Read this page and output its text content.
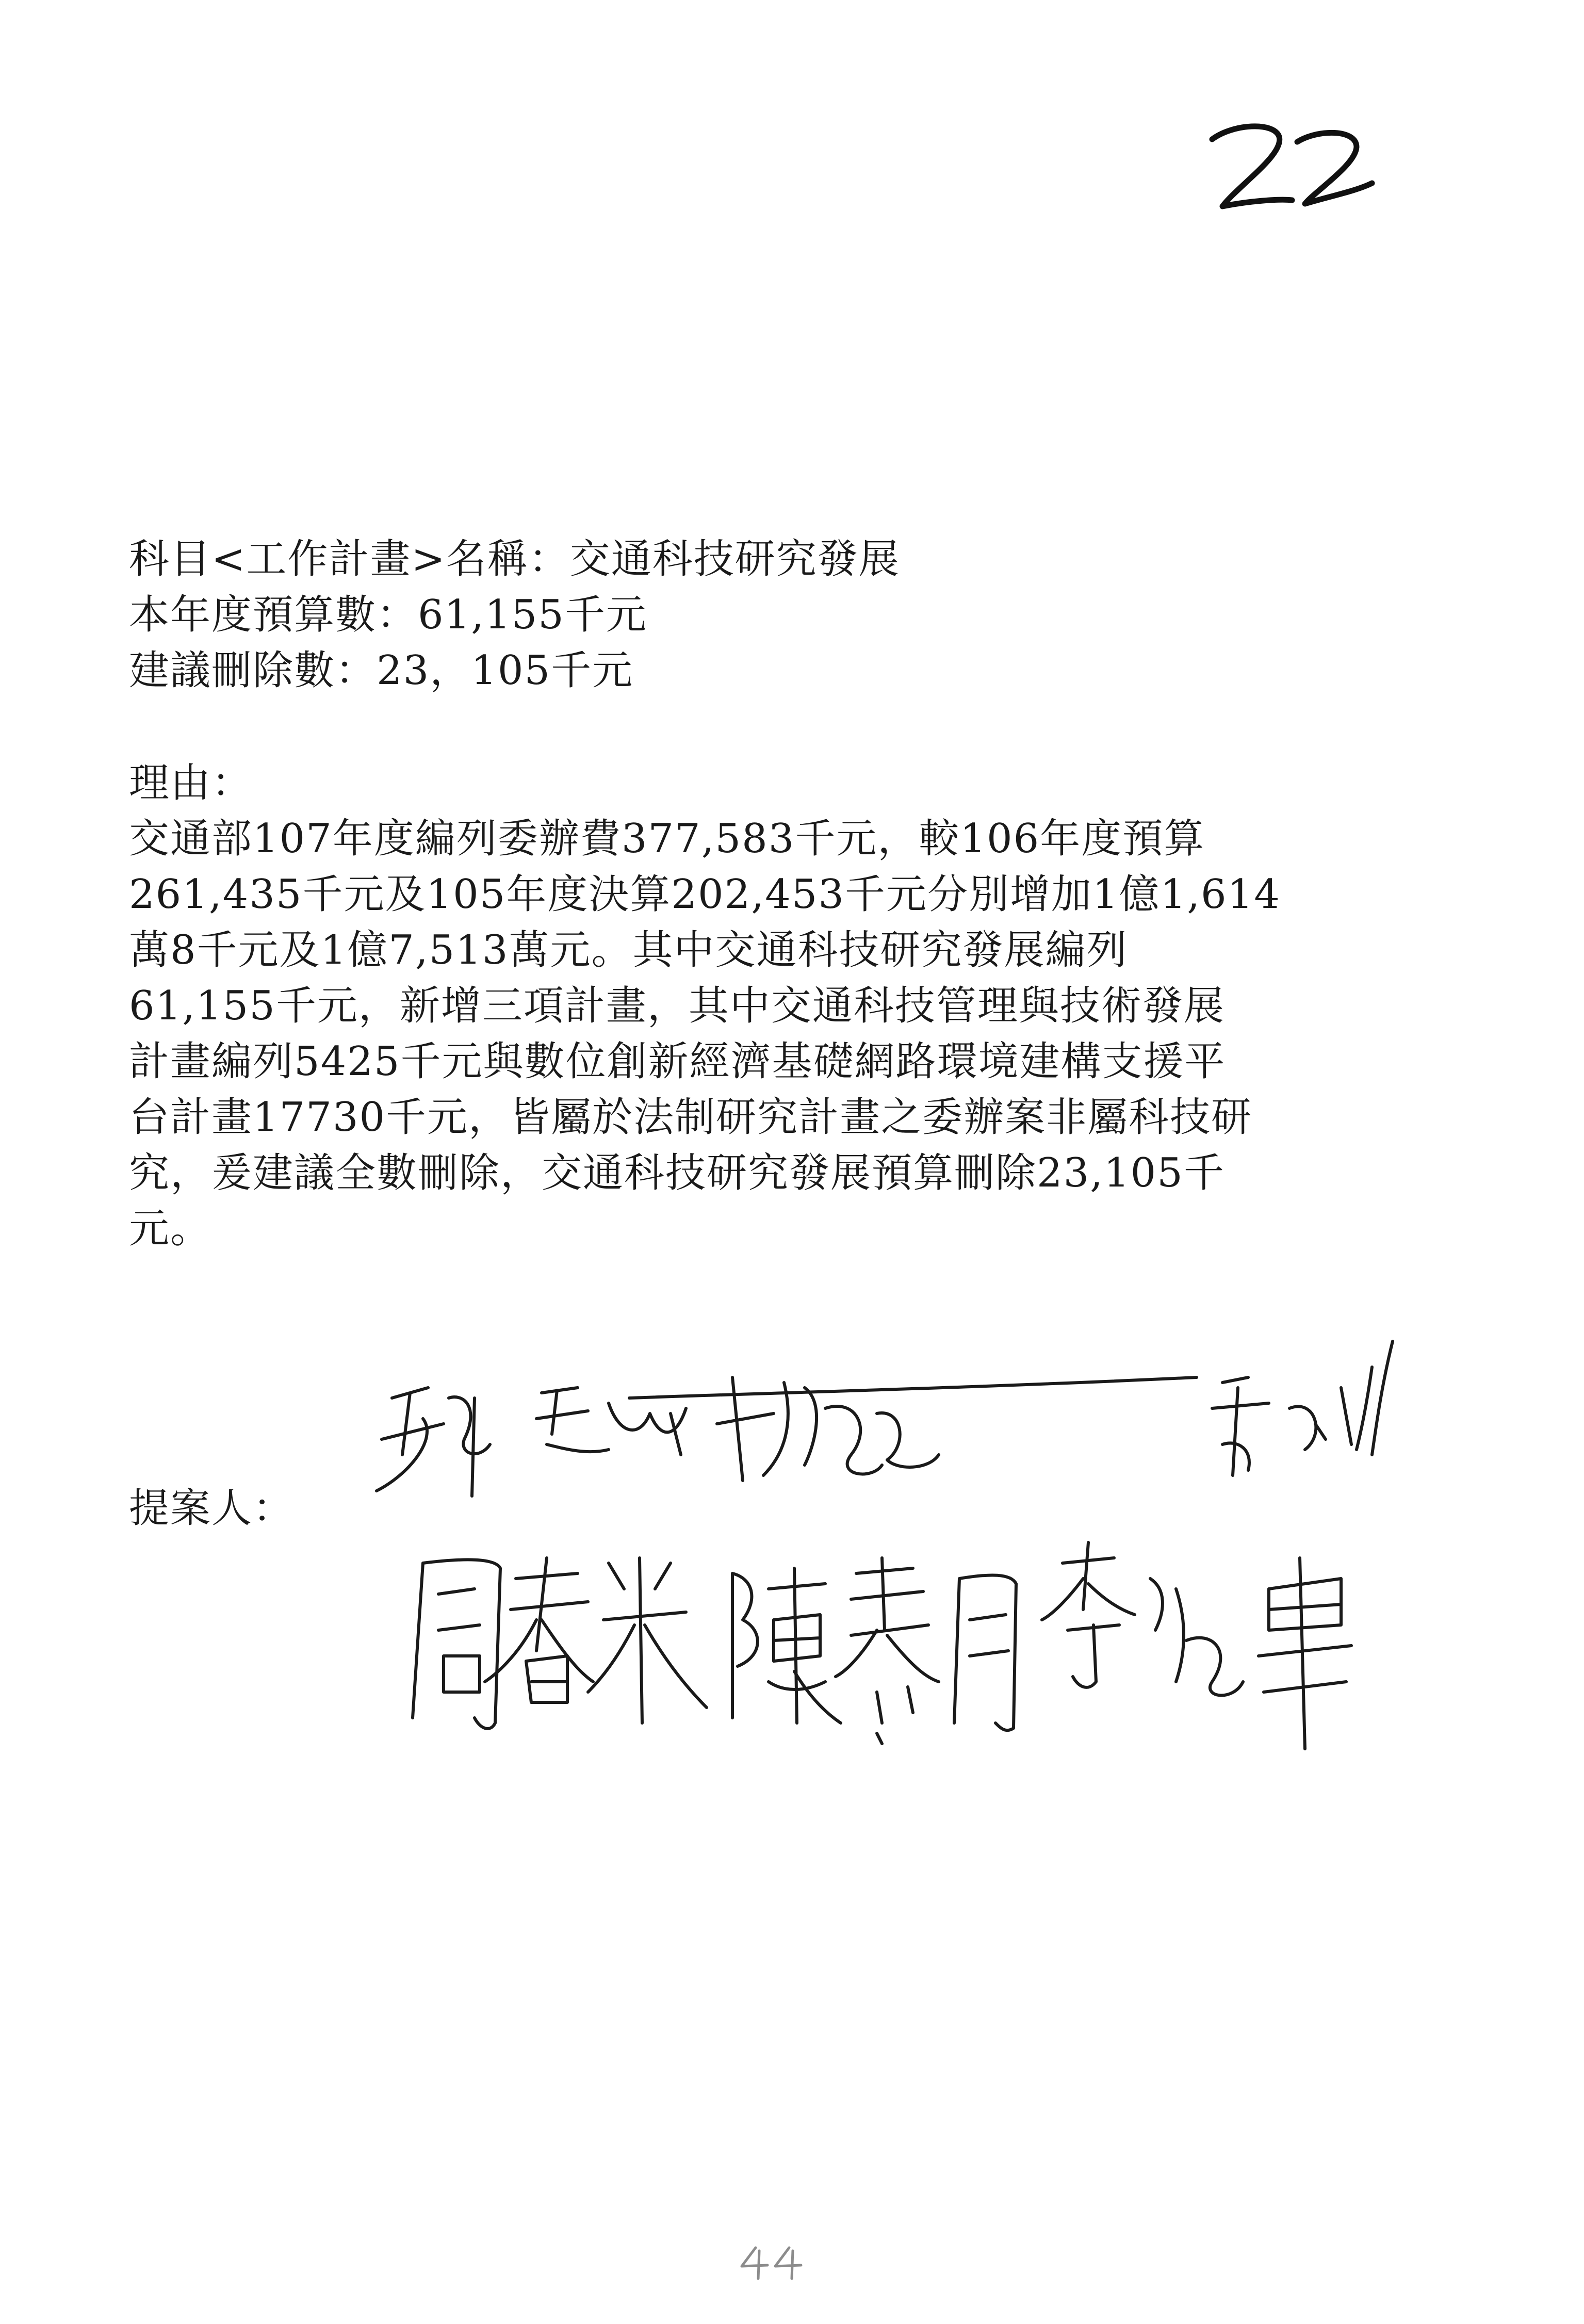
科目<工作計畫>名稱：交通科技研究發展
本年度預算數：61,155千元
建議刪除數：23，105千元
理由：
交通部107年度編列委辦費377,583千元，較106年度預算
261,435千元及105年度決算202,453千元分別增加1億1,614
萬8千元及1億7,513萬元。其中交通科技研究發展編列
61,155千元，新增三項計畫，其中交通科技管理與技術發展
計畫編列5425千元與數位創新經濟基礎網路環境建構支援平
台計畫17730千元，皆屬於法制研究計畫之委辦案非屬科技研
究，爰建議全數刪除，交通科技研究發展預算刪除23,105千
元。
提案人：
